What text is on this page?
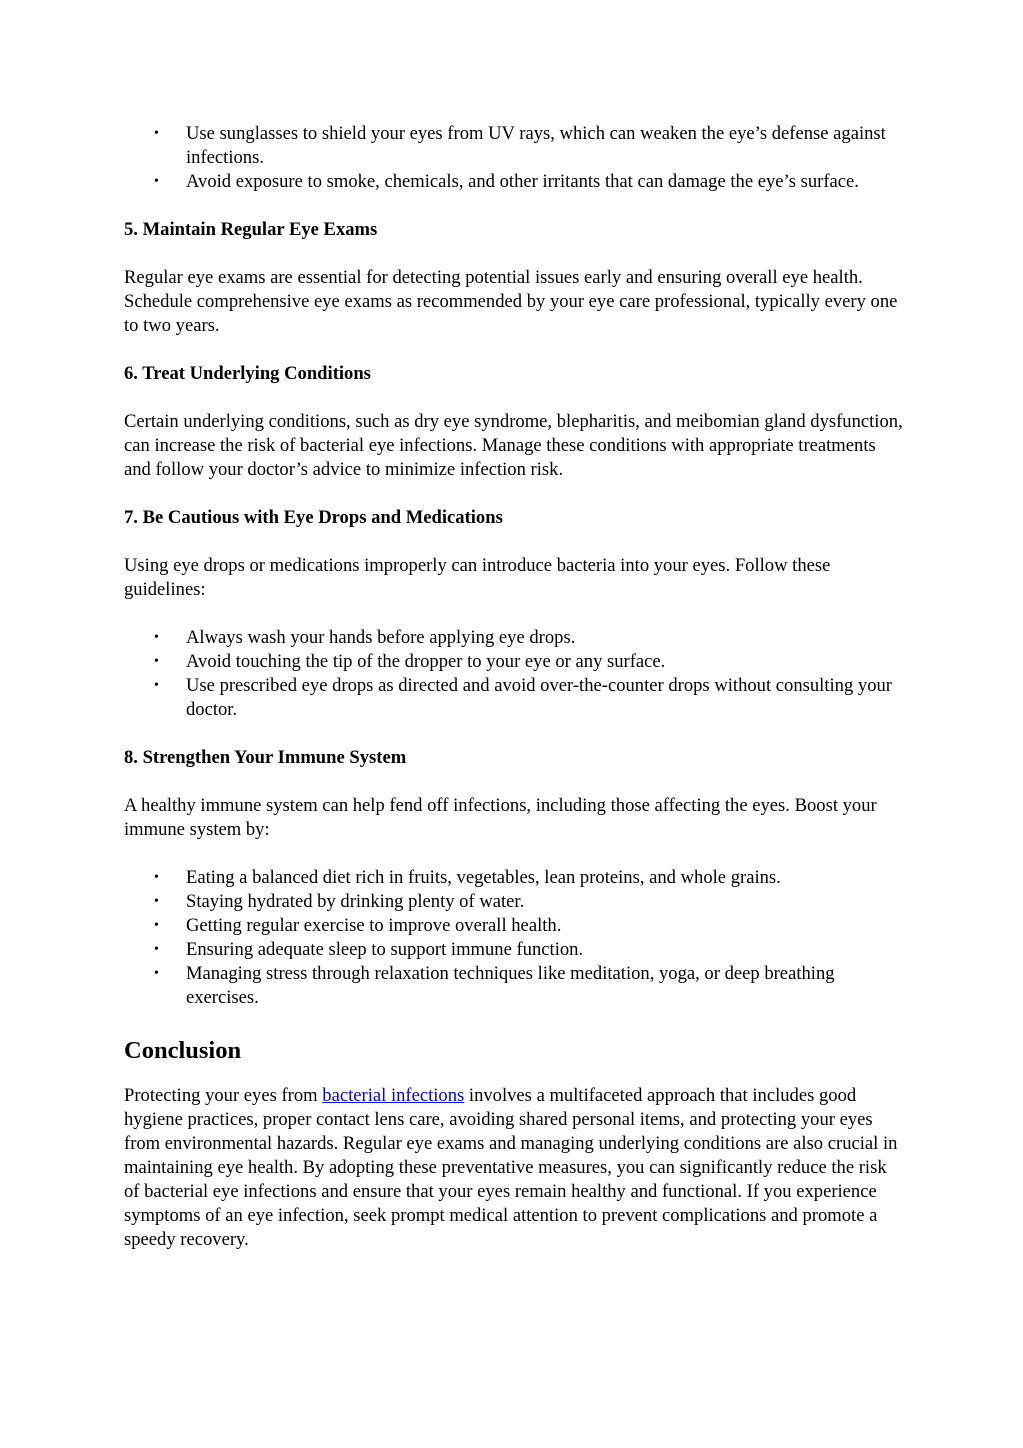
• Use sunglasses to shield your eyes from UV rays, which can weaken the eye’s defense against infections.
• Avoid exposure to smoke, chemicals, and other irritants that can damage the eye’s surface.
5. Maintain Regular Eye Exams

Regular eye exams are essential for detecting potential issues early and ensuring overall eye health. Schedule comprehensive eye exams as recommended by your eye care professional, typically every one to two years.

6. Treat Underlying Conditions

Certain underlying conditions, such as dry eye syndrome, blepharitis, and meibomian gland dysfunction, can increase the risk of bacterial eye infections. Manage these conditions with appropriate treatments and follow your doctor’s advice to minimize infection risk.

7. Be Cautious with Eye Drops and Medications

Using eye drops or medications improperly can introduce bacteria into your eyes. Follow these guidelines:

• Always wash your hands before applying eye drops.
• Avoid touching the tip of the dropper to your eye or any surface.
• Use prescribed eye drops as directed and avoid over-the-counter drops without consulting your doctor.
8. Strengthen Your Immune System

A healthy immune system can help fend off infections, including those affecting the eyes. Boost your immune system by:

• Eating a balanced diet rich in fruits, vegetables, lean proteins, and whole grains.
• Staying hydrated by drinking plenty of water.
• Getting regular exercise to improve overall health.
• Ensuring adequate sleep to support immune function.
• Managing stress through relaxation techniques like meditation, yoga, or deep breathing exercises.
Conclusion

Protecting your eyes from bacterial infections involves a multifaceted approach that includes good hygiene practices, proper contact lens care, avoiding shared personal items, and protecting your eyes from environmental hazards. Regular eye exams and managing underlying conditions are also crucial in maintaining eye health. By adopting these preventative measures, you can significantly reduce the risk of bacterial eye infections and ensure that your eyes remain healthy and functional. If you experience symptoms of an eye infection, seek prompt medical attention to prevent complications and promote a speedy recovery.
